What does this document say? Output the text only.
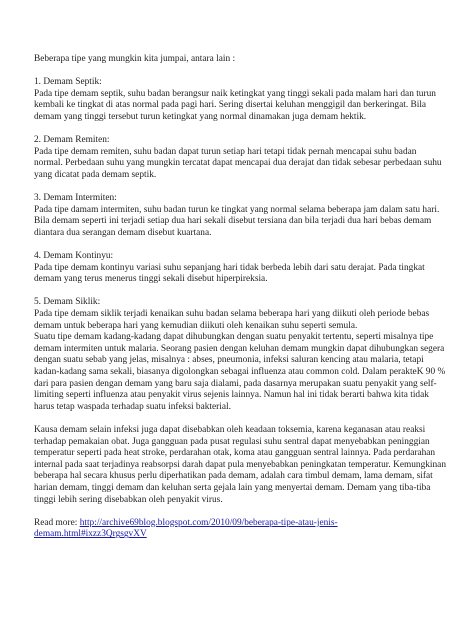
Beberapa tipe yang mungkin kita jumpai, antara lain :

1. Demam Septik:

Pada tipe demam septik, suhu badan berangsur naik ketingkat yang tinggi sekali pada malam hari dan turun kembali ke tingkat di atas normal pada pagi hari. Sering disertai keluhan menggigil dan berkeringat. Bila demam yang tinggi tersebut turun ketingkat yang normal dinamakan juga demam hektik.

2. Demam Remiten:

Pada tipe demam remiten, suhu badan dapat turun setiap hari tetapi tidak pernah mencapai suhu badan normal. Perbedaan suhu yang mungkin tercatat dapat mencapai dua derajat dan tidak sebesar perbedaan suhu yang dicatat pada demam septik.

3. Demam Intermiten:

Pada tipe damam intermiten, suhu badan turun ke tingkat yang normal selama beberapa jam dalam satu hari. Bila demam seperti ini terjadi setiap dua hari sekali disebut tersiana dan bila terjadi dua hari bebas demam diantara dua serangan demam disebut kuartana.

4. Demam Kontinyu:

Pada tipe demam kontinyu variasi suhu sepanjang hari tidak berbeda lebih dari satu derajat. Pada tingkat demam yang terus menerus tinggi sekali disebut hiperpireksia.

5. Demam Siklik:

Pada tipe demam siklik terjadi kenaikan suhu badan selama beberapa hari yang diikuti oleh periode bebas demam untuk beberapa hari yang kemudian diikuti oleh kenaikan suhu seperti semula.

Suatu tipe demam kadang-kadang dapat dihubungkan dengan suatu penyakit tertentu, seperti misalnya tipe demam intermiten untuk malaria. Seorang pasien dengan keluhan demam mungkin dapat dihubungkan segera dengan suatu sebab yang jelas, misalnya : abses, pneumonia, infeksi saluran kencing atau malaria, tetapi kadan-kadang sama sekali, biasanya digolongkan sebagai influenza atau common cold. Dalam perakteK 90 % dari para pasien dengan demam yang baru saja dialami, pada dasarnya merupakan suatu penyakit yang self-limiting seperti influenza atau penyakit virus sejenis lainnya. Namun hal ini tidak berarti bahwa kita tidak harus tetap waspada terhadap suatu infeksi bakterial.

Kausa demam selain infeksi juga dapat disebabkan oleh keadaan toksemia, karena keganasan atau reaksi terhadap pemakaian obat. Juga gangguan pada pusat regulasi suhu sentral dapat menyebabkan peninggian temperatur seperti pada heat stroke, perdarahan otak, koma atau gangguan sentral lainnya. Pada perdarahan internal pada saat terjadinya reabsorpsi darah dapat pula menyebabkan peningkatan temperatur. Kemungkinan beberapa hal secara khusus perlu diperhatikan pada demam, adalah cara timbul demam, lama demam, sifat harian demam, tinggi demam dan keluhan serta gejala lain yang menyertai demam. Demam yang tiba-tiba tinggi lebih sering disebabkan oleh penyakit virus.

Read more: http://archive69blog.blogspot.com/2010/09/beberapa-tipe-atau-jenis-demam.html#ixzz3QrgsgvXV
